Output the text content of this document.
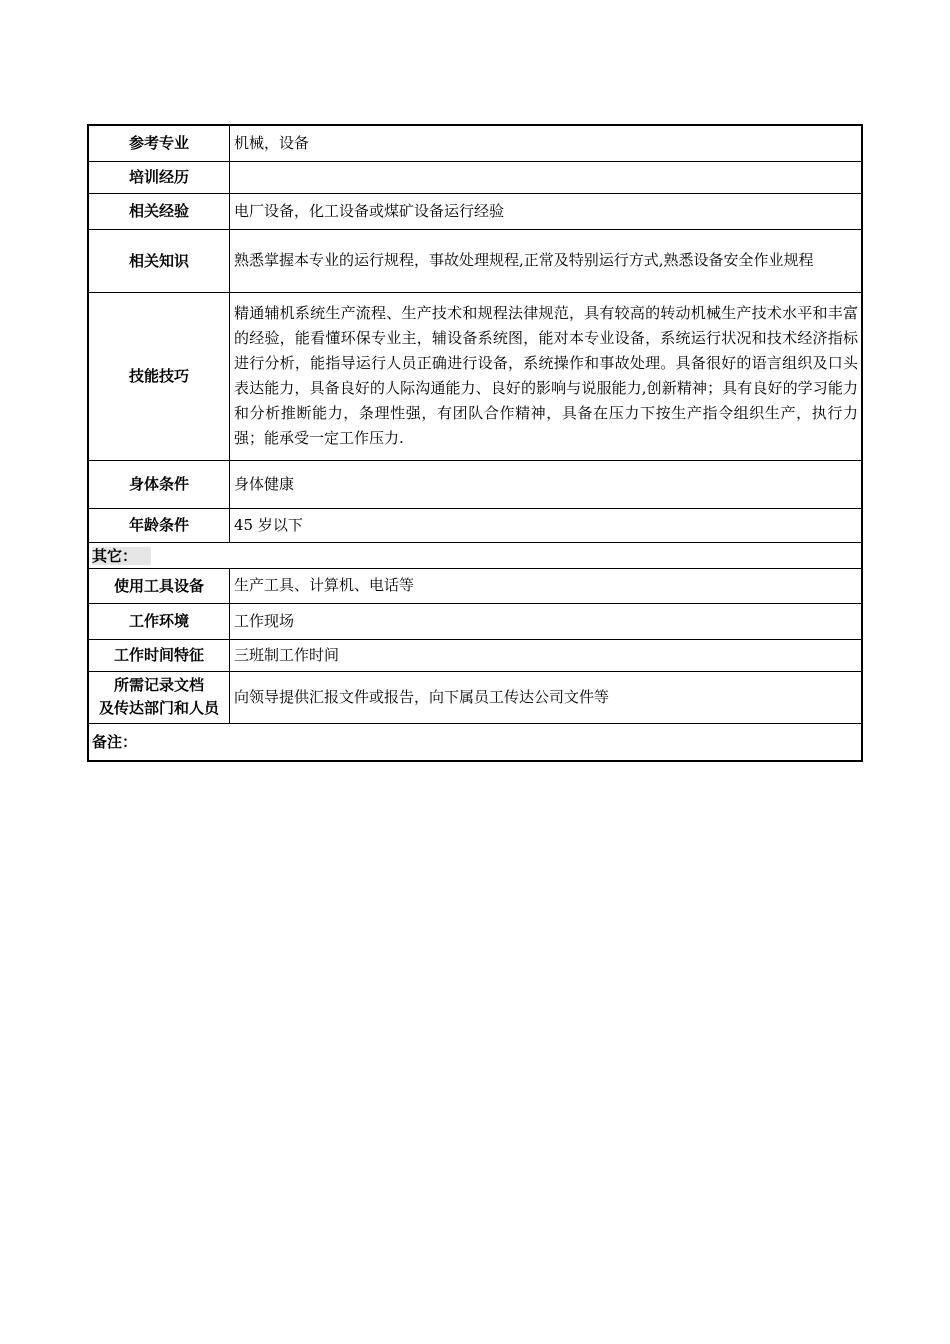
参考专业	机械，设备
培训经历	
相关经验	电厂设备，化工设备或煤矿设备运行经验
相关知识	熟悉掌握本专业的运行规程，事故处理规程,正常及特别运行方式,熟悉设备安全作业规程
技能技巧	精通辅机系统生产流程、生产技术和规程法律规范，具有较高的转动机械生产技术水平和丰富的经验，能看懂环保专业主，辅设备系统图，能对本专业设备，系统运行状况和技术经济指标进行分析，能指导运行人员正确进行设备，系统操作和事故处理。具备很好的语言组织及口头表达能力，具备良好的人际沟通能力、良好的影响与说服能力,创新精神；具有良好的学习能力和分析推断能力，条理性强，有团队合作精神，具备在压力下按生产指令组织生产，执行力强；能承受一定工作压力.
身体条件	身体健康
年龄条件	45 岁以下
其它：	
使用工具设备	生产工具、计算机、电话等
工作环境	工作现场
工作时间特征	三班制工作时间

所需记录文档
及传达部门和人员	向领导提供汇报文件或报告，向下属员工传达公司文件等
备注：	
